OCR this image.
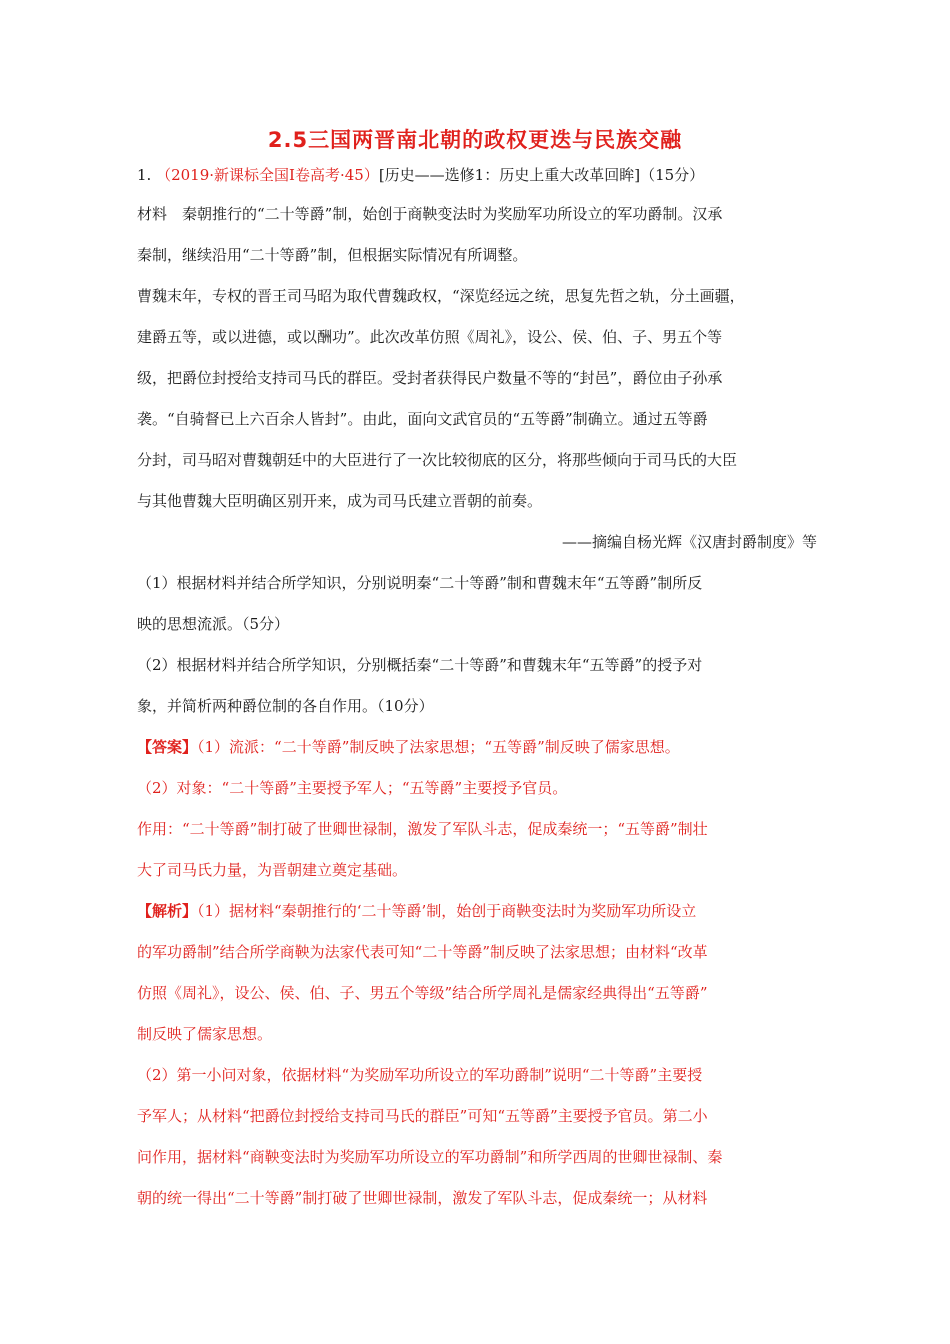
2.5三国两晋南北朝的政权更迭与民族交融
1. （2019·新课标全国Ⅰ卷高考·45）[历史——选修1：历史上重大改革回眸]（15分）
材料　秦朝推行的“二十等爵”制，始创于商鞅变法时为奖励军功所设立的军功爵制。汉承
秦制，继续沿用“二十等爵”制，但根据实际情况有所调整。
曹魏末年，专权的晋王司马昭为取代曹魏政权，“深览经远之统，思复先哲之轨，分土画疆，
建爵五等，或以进德，或以酬功”。此次改革仿照《周礼》，设公、侯、伯、子、男五个等
级，把爵位封授给支持司马氏的群臣。受封者获得民户数量不等的“封邑”，爵位由子孙承
袭。“自骑督已上六百余人皆封”。由此，面向文武官员的“五等爵”制确立。通过五等爵
分封，司马昭对曹魏朝廷中的大臣进行了一次比较彻底的区分，将那些倾向于司马氏的大臣
与其他曹魏大臣明确区别开来，成为司马氏建立晋朝的前奏。
——摘编自杨光辉《汉唐封爵制度》等
（1）根据材料并结合所学知识，分别说明秦“二十等爵”制和曹魏末年“五等爵”制所反
映的思想流派。（5分）
（2）根据材料并结合所学知识，分别概括秦“二十等爵”和曹魏末年“五等爵”的授予对
象，并简析两种爵位制的各自作用。（10分）
【答案】（1）流派：“二十等爵”制反映了法家思想；“五等爵”制反映了儒家思想。
（2）对象：“二十等爵”主要授予军人；“五等爵”主要授予官员。
作用：“二十等爵”制打破了世卿世禄制，激发了军队斗志，促成秦统一；“五等爵”制壮
大了司马氏力量，为晋朝建立奠定基础。
【解析】（1）据材料“秦朝推行的‘二十等爵’制，始创于商鞅变法时为奖励军功所设立
的军功爵制”结合所学商鞅为法家代表可知“二十等爵”制反映了法家思想；由材料“改革
仿照《周礼》，设公、侯、伯、子、男五个等级”结合所学周礼是儒家经典得出“五等爵”
制反映了儒家思想。
（2）第一小问对象，依据材料“为奖励军功所设立的军功爵制”说明“二十等爵”主要授
予军人；从材料“把爵位封授给支持司马氏的群臣”可知“五等爵”主要授予官员。第二小
问作用，据材料“商鞅变法时为奖励军功所设立的军功爵制”和所学西周的世卿世禄制、秦
朝的统一得出“二十等爵”制打破了世卿世禄制，激发了军队斗志，促成秦统一；从材料
